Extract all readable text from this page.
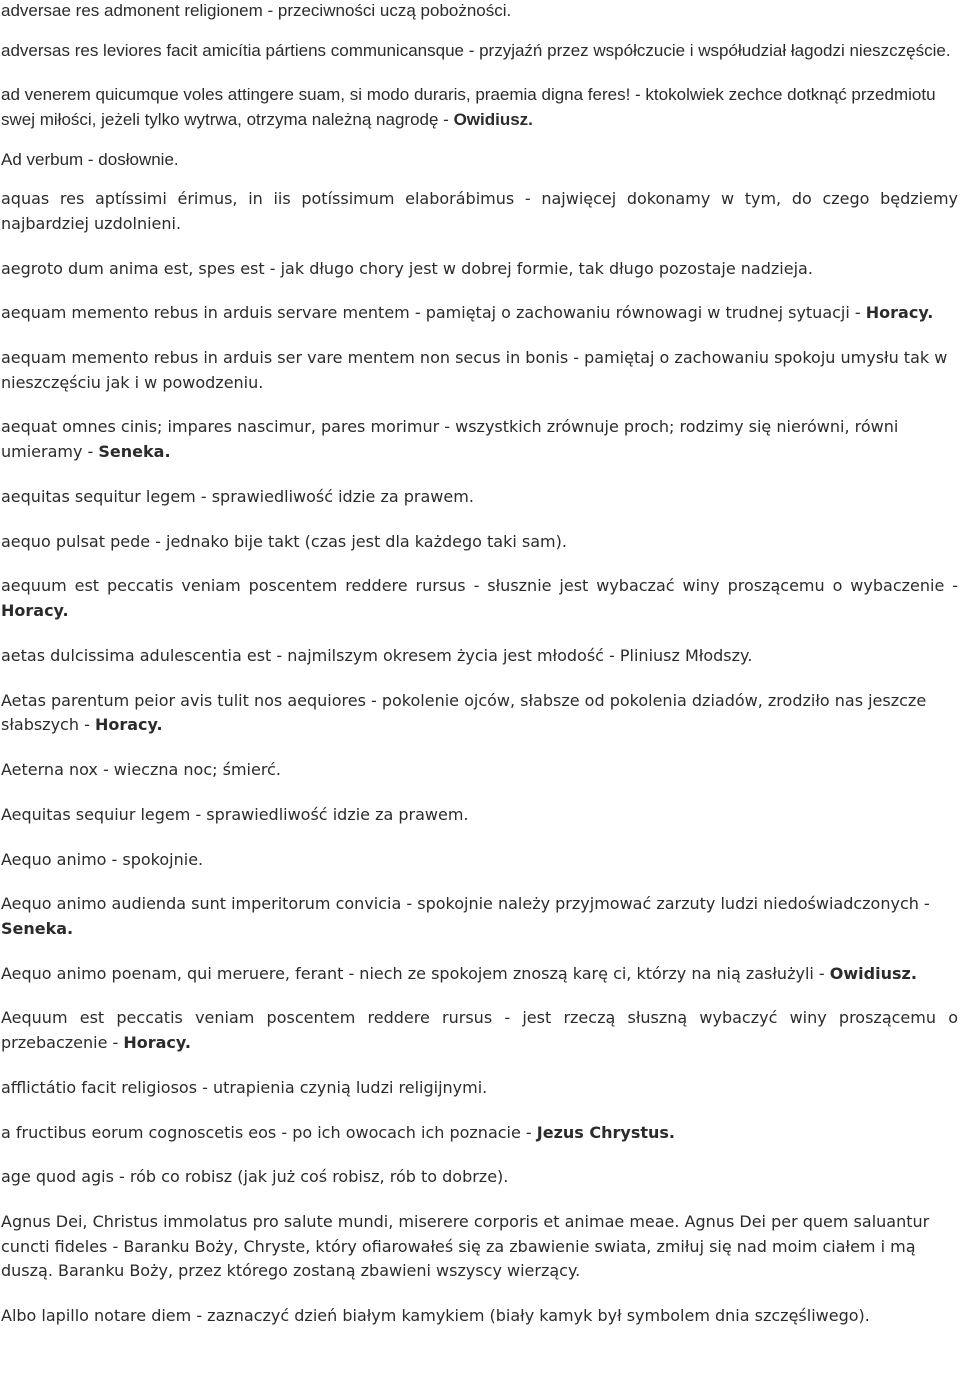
adversae res admonent religionem - przeciwności uczą pobożności.

adversas res leviores facit amicítia pártiens communicansque - przyjaźń przez współczucie i współudział łagodzi nieszczęście.

ad venerem quicumque voles attingere suam, si modo duraris, praemia digna feres! - ktokolwiek zechce dotknąć przedmiotu swej miłości, jeżeli tylko wytrwa, otrzyma należną nagrodę - Owidiusz.

Ad verbum - dosłownie.

aquas res aptíssimi érimus, in iis potíssimum elaborábimus - najwięcej dokonamy w tym, do czego będziemy najbardziej uzdolnieni.

aegroto dum anima est, spes est - jak długo chory jest w dobrej formie, tak długo pozostaje nadzieja.

aequam memento rebus in arduis servare mentem - pamiętaj o zachowaniu równowagi w trudnej sytuacji - Horacy.

aequam memento rebus in arduis ser vare mentem non secus in bonis - pamiętaj o zachowaniu spokoju umysłu tak w nieszczęściu jak i w powodzeniu.

aequat omnes cinis; impares nascimur, pares morimur - wszystkich zrównuje proch; rodzimy się nierówni, równi umieramy - Seneka.

aequitas sequitur legem - sprawiedliwość idzie za prawem.

aequo pulsat pede - jednako bije takt (czas jest dla każdego taki sam).

aequum est peccatis veniam poscentem reddere rursus - słusznie jest wybaczać winy proszącemu o wybaczenie - Horacy.

aetas dulcissima adulescentia est - najmilszym okresem życia jest młodość - Pliniusz Młodszy.

Aetas parentum peior avis tulit nos aequiores - pokolenie ojców, słabsze od pokolenia dziadów, zrodziło nas jeszcze słabszych - Horacy.

Aeterna nox - wieczna noc; śmierć.

Aequitas sequiur legem - sprawiedliwość idzie za prawem.

Aequo animo - spokojnie.

Aequo animo audienda sunt imperitorum convicia - spokojnie należy przyjmować zarzuty ludzi niedoświadczonych - Seneka.

Aequo animo poenam, qui meruere, ferant - niech ze spokojem znoszą karę ci, którzy na nią zasłużyli - Owidiusz.

Aequum est peccatis veniam poscentem reddere rursus - jest rzeczą słuszną wybaczyć winy proszącemu o przebaczenie - Horacy.

afflictátio facit religiosos - utrapienia czynią ludzi religijnymi.

a fructibus eorum cognoscetis eos - po ich owocach ich poznacie - Jezus Chrystus.

age quod agis - rób co robisz (jak już coś robisz, rób to dobrze).

Agnus Dei, Christus immolatus pro salute mundi, miserere corporis et animae meae. Agnus Dei per quem saluantur cuncti fideles - Baranku Boży, Chryste, który ofiarowałeś się za zbawienie swiata, zmiłuj się nad moim ciałem i mą duszą. Baranku Boży, przez którego zostaną zbawieni wszyscy wierzący.

Albo lapillo notare diem - zaznaczyć dzień białym kamykiem (biały kamyk był symbolem dnia szczęśliwego).
